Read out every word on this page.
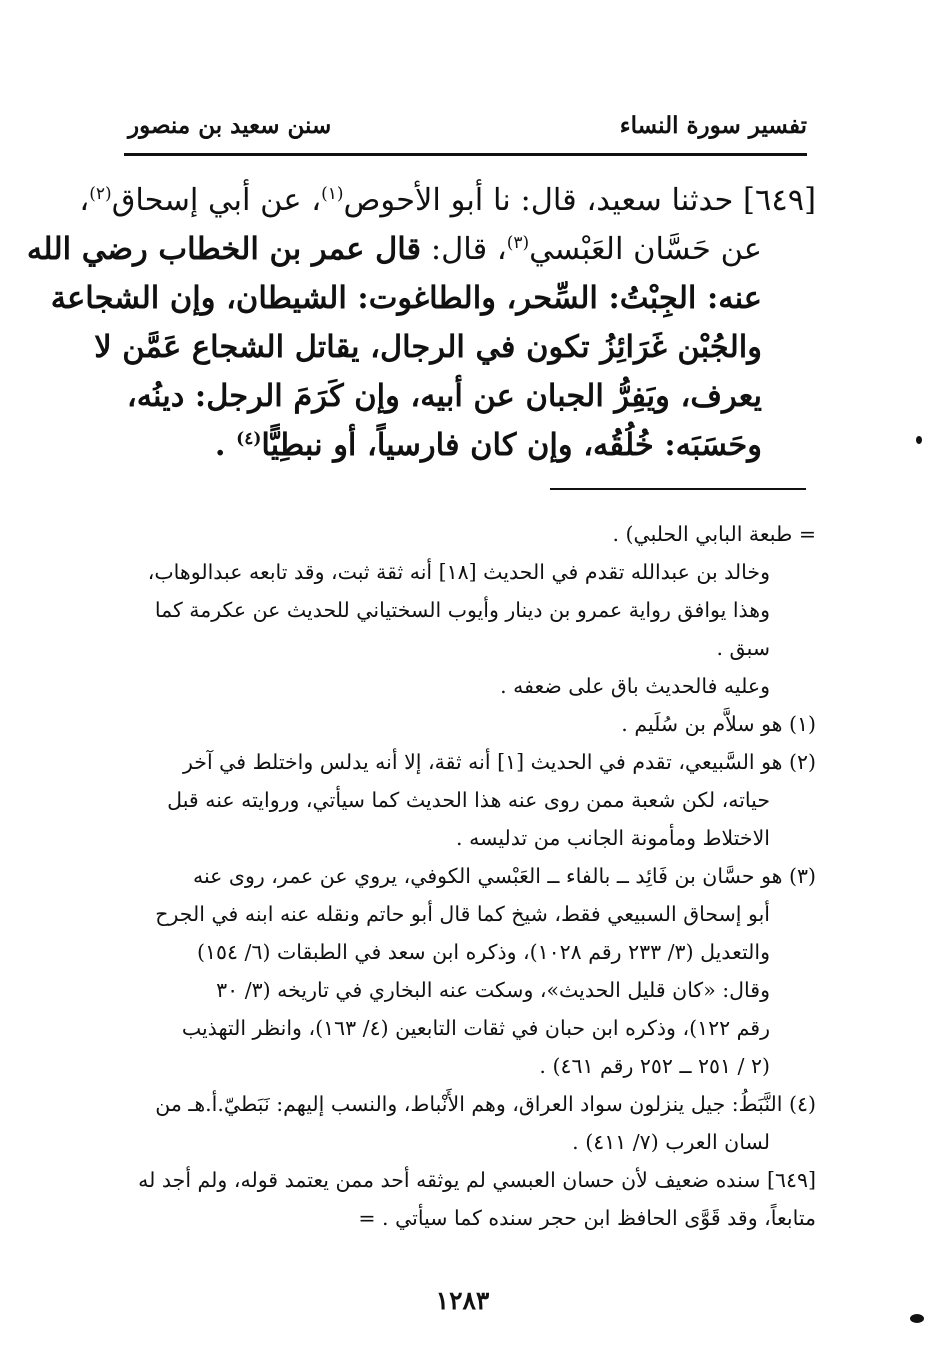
تفسير سورة النساء
سنن سعيد بن منصور
[٦٤٩] حدثنا سعيد، قال: نا أبو الأحوص$^{(١)}$، عن أبي إسحاق$^{(٢)}$،
عن حَسَّان العَبْسي$^{(٣)}$، قال: قال عمر بن الخطاب رضي الله
عنه: الجِبْتُ: السِّحر، والطاغوت: الشيطان، وإن الشجاعة
والجُبْن غَرَائِزُ تكون في الرجال، يقاتل الشجاع عَمَّن لا
يعرف، ويَفِرُّ الجبان عن أبيه، وإن كَرَمَ الرجل: دينُه،
وحَسَبَه: خُلُقُه، وإن كان فارسياً، أو نبطِيًّا$^{(٤)}$ .
= طبعة البابي الحلبي) .
وخالد بن عبدالله تقدم في الحديث [١٨] أنه ثقة ثبت، وقد تابعه عبدالوهاب،
وهذا يوافق رواية عمرو بن دينار وأيوب السختياني للحديث عن عكرمة كما
سبق .
وعليه فالحديث باق على ضعفه .
(١) هو سلاَّم بن سُلَيم .
(٢) هو السَّبيعي، تقدم في الحديث [١] أنه ثقة، إلا أنه يدلس واختلط في آخر
حياته، لكن شعبة ممن روى عنه هذا الحديث كما سيأتي، وروايته عنه قبل
الاختلاط ومأمونة الجانب من تدليسه .
(٣) هو حسَّان بن فَائِد ــ بالفاء ــ العَبْسي الكوفي، يروي عن عمر، روى عنه
أبو إسحاق السبيعي فقط، شيخ كما قال أبو حاتم ونقله عنه ابنه في الجرح
والتعديل (٣/ ٢٣٣ رقم ١٠٢٨)، وذكره ابن سعد في الطبقات (٦/ ١٥٤)
وقال: «كان قليل الحديث»، وسكت عنه البخاري في تاريخه (٣/ ٣٠
رقم ١٢٢)، وذكره ابن حبان في ثقات التابعين (٤/ ١٦٣)، وانظر التهذيب
(٢ / ٢٥١ ــ ٢٥٢ رقم ٤٦١) .
(٤) النَّبَطُ: جيل ينزلون سواد العراق، وهم الأَنْباط، والنسب إليهم: نَبَطيّ.أ.هـ من
لسان العرب (٧/ ٤١١) .
[٦٤٩] سنده ضعيف لأن حسان العبسي لم يوثقه أحد ممن يعتمد قوله، ولم أجد له
متابعاً، وقد قَوَّى الحافظ ابن حجر سنده كما سيأتي . =
١٢٨٣
